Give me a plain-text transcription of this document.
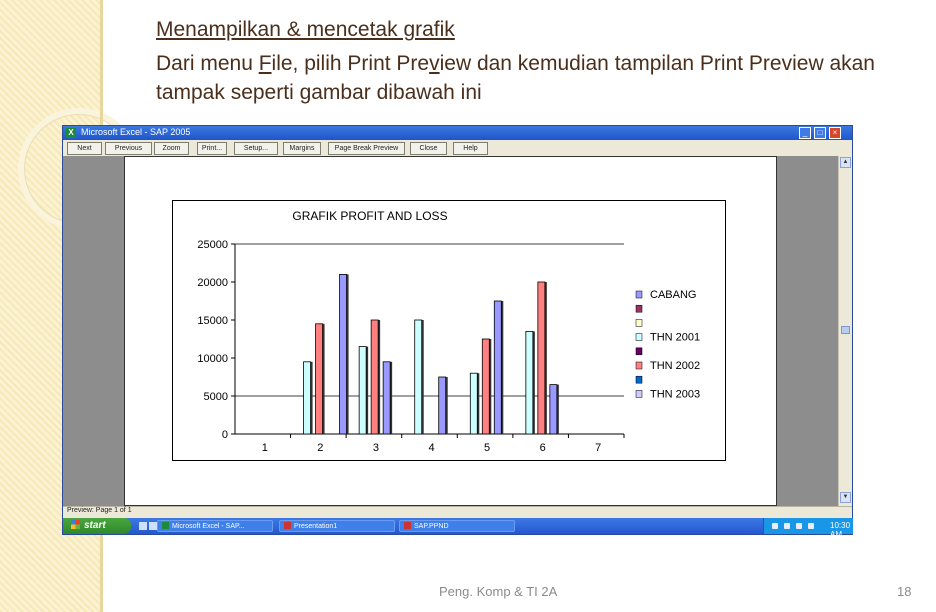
Menampilkan & mencetak grafik
Dari menu File, pilih Print Preview dan kemudian tampilan Print Preview akan tampak seperti gambar dibawah ini
X Microsoft Excel - SAP 2005	_	□	×
Next	Previous	Zoom	Print...	Setup...	Margins	Page Break Preview	Close	Help
GRAFIK PROFIT AND LOSS
0
5000
10000
15000
20000
25000
1	2	3	4	5	6	7
CABANG
THN 2001
THN 2002
THN 2003
▲
▼
Preview: Page 1 of 1
start	Microsoft Excel - SAP...	Presentation1	SAP.PPND	10:30 AM
Peng. Komp & TI 2A	18
